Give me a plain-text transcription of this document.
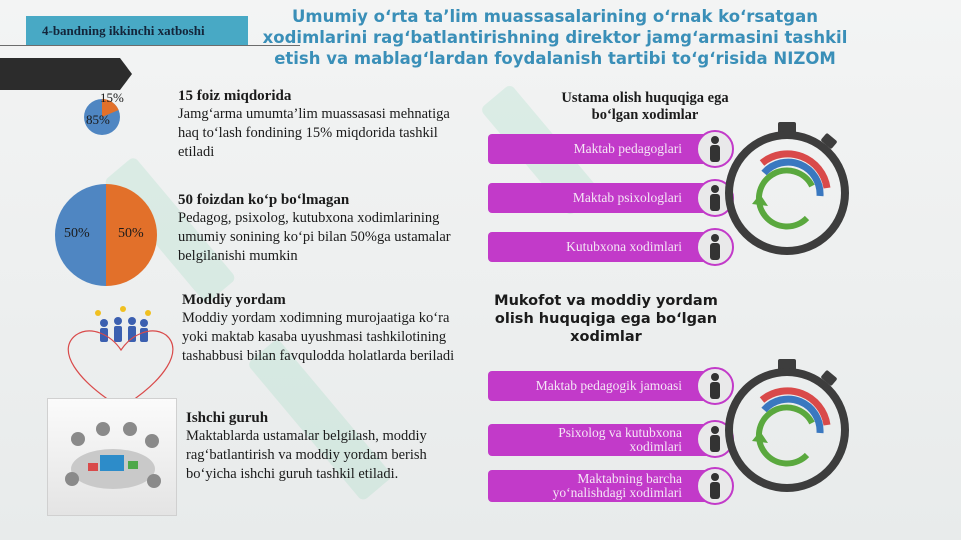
4-bandning ikkinchi xatboshi
Umumiy oʻrta ta’lim muassasalarining oʻrnak koʻrsatgan xodimlarini ragʻbatlantirishning direktor jamgʻarmasini tashkil etish va mablagʻlardan foydalanish tartibi toʻgʻrisida NIZOM
15%
85%
15 foiz miqdorida
Jamgʻarma umumta’lim muassasasi mehnatiga haq toʻlash fondining 15% miqdorida tashkil etiladi
50% 50%
50 foizdan koʻp boʻlmagan
Pedagog, psixolog, kutubxona xodimlarining umumiy sonining koʻpi bilan 50%ga ustamalar belgilanishi mumkin
Moddiy yordam
Moddiy yordam xodimning murojaatiga koʻra yoki maktab kasaba uyushmasi tashkilotining tashabbusi bilan favqulodda holatlarda beriladi
Ishchi guruh
Maktablarda ustamalar belgilash, moddiy ragʻbatlantirish va moddiy yordam berish boʻyicha ishchi guruh tashkil etiladi.
Ustama olish huquqiga ega boʻlgan xodimlar
Maktab pedagoglari
Maktab psixologlari
Kutubxona xodimlari
Mukofot va moddiy yordam olish huquqiga ega boʻlgan xodimlar
Maktab pedagogik jamoasi
Psixolog va kutubxona xodimlari
Maktabning barcha yoʻnalishdagi xodimlari
